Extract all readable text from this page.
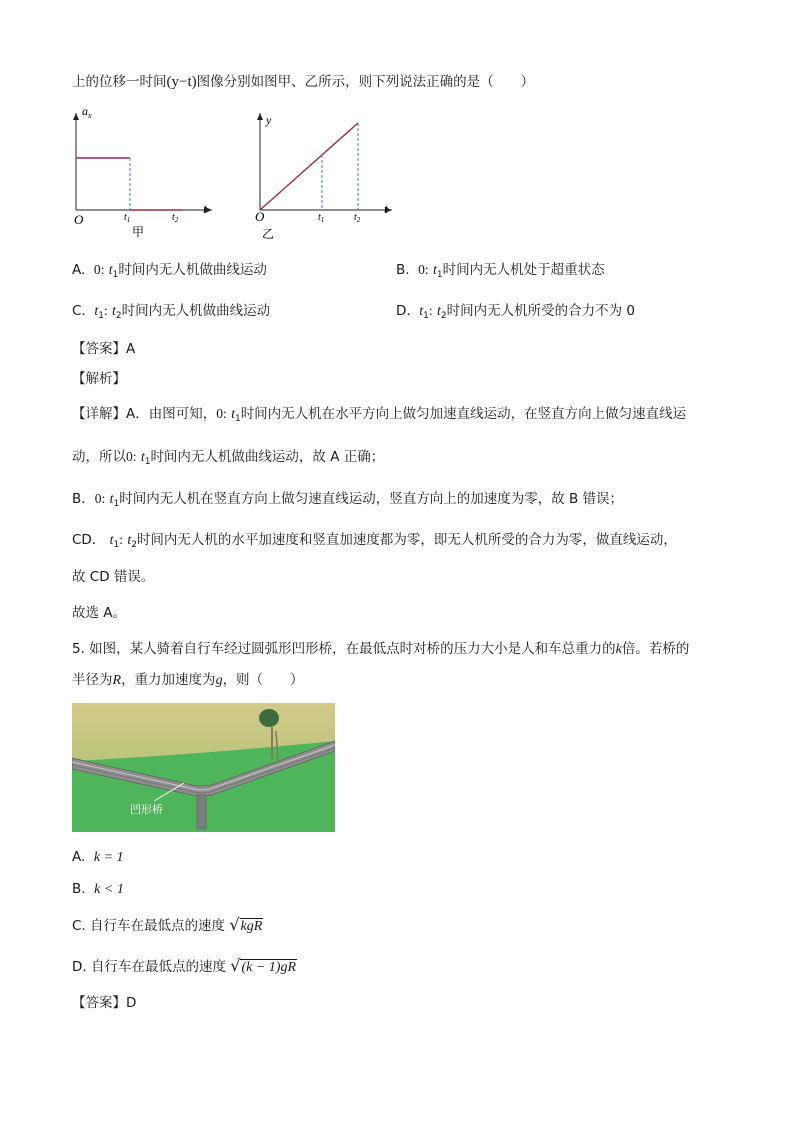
上的位移一时间(y−t)图像分别如图甲、乙所示，则下列说法正确的是（　　）
$a_x$
t
O	$t_1$	$t_2$
甲
y
t
O	$t_1$	$t_2$
乙
A. 0: $t_1$时间内无人机做曲线运动	B. 0: $t_1$时间内无人机处于超重状态
C. $t_1$: $t_2$时间内无人机做曲线运动	D. $t_1$: $t_2$时间内无人机所受的合力不为 0
【答案】A
【解析】
【详解】A．由图可知，0: $t_1$时间内无人机在水平方向上做匀加速直线运动，在竖直方向上做匀速直线运
动，所以0: $t_1$时间内无人机做曲线运动，故 A 正确；
B．0: $t_1$时间内无人机在竖直方向上做匀速直线运动，竖直方向上的加速度为零，故 B 错误；
CD． $t_1$: $t_2$时间内无人机的水平加速度和竖直加速度都为零，即无人机所受的合力为零，做直线运动，
故 CD 错误。
故选 A。
5. 如图，某人骑着自行车经过圆弧形凹形桥，在最低点时对桥的压力大小是人和车总重力的k倍。若桥的
半径为R，重力加速度为g，则（　　）
凹形桥
A. k = 1
B. k < 1
C. 自行车在最低点的速度 √kgR
D. 自行车在最低点的速度 √(k − 1)gR
【答案】D
